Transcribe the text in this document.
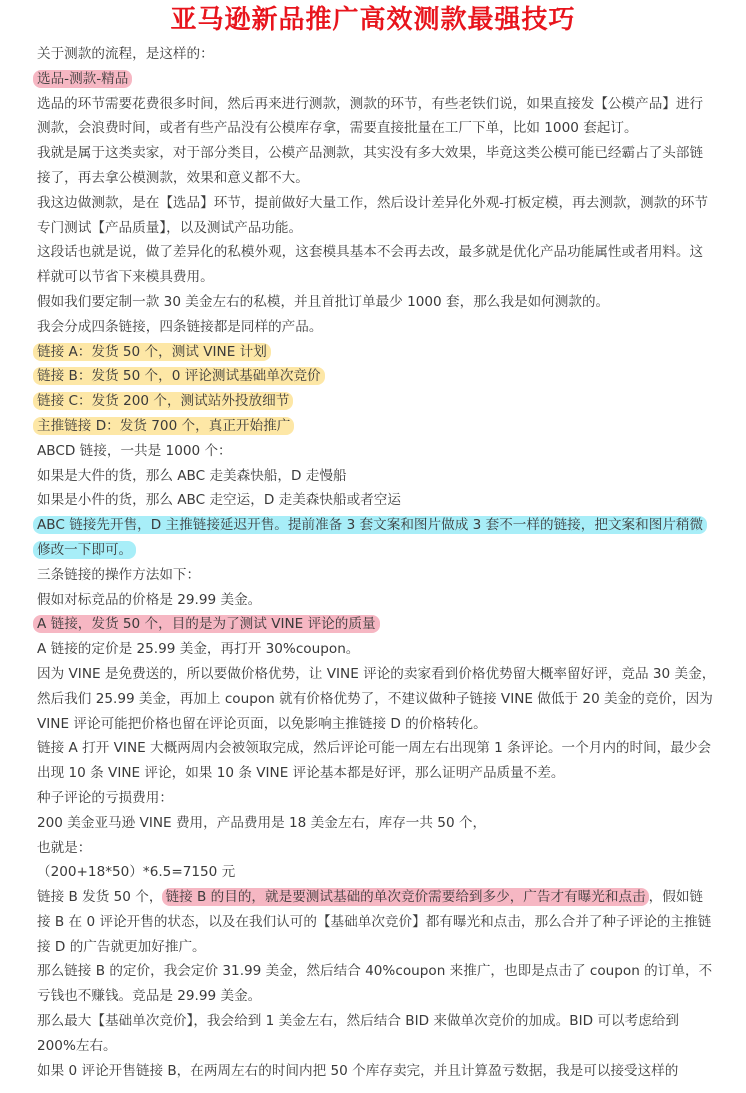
亚马逊新品推广高效测款最强技巧

关于测款的流程，是这样的：

选品-测款-精品

选品的环节需要花费很多时间，然后再来进行测款，测款的环节，有些老铁们说，如果直接发【公模产品】进行测款，会浪费时间，或者有些产品没有公模库存拿，需要直接批量在工厂下单，比如 1000 套起订。

我就是属于这类卖家，对于部分类目，公模产品测款，其实没有多大效果，毕竟这类公模可能已经霸占了头部链接了，再去拿公模测款，效果和意义都不大。

我这边做测款，是在【选品】环节，提前做好大量工作，然后设计差异化外观-打板定模，再去测款，测款的环节专门测试【产品质量】，以及测试产品功能。

这段话也就是说，做了差异化的私模外观，这套模具基本不会再去改，最多就是优化产品功能属性或者用料。这样就可以节省下来模具费用。

假如我们要定制一款 30 美金左右的私模，并且首批订单最少 1000 套，那么我是如何测款的。

我会分成四条链接，四条链接都是同样的产品。

链接 A：发货 50 个，测试 VINE 计划

链接 B：发货 50 个，0 评论测试基础单次竞价

链接 C：发货 200 个，测试站外投放细节

主推链接 D：发货 700 个，真正开始推广

ABCD 链接，一共是 1000 个：

如果是大件的货，那么 ABC 走美森快船，D 走慢船

如果是小件的货，那么 ABC 走空运，D 走美森快船或者空运

ABC 链接先开售，D 主推链接延迟开售。提前准备 3 套文案和图片做成 3 套不一样的链接，把文案和图片稍微修改一下即可。

三条链接的操作方法如下：

假如对标竞品的价格是 29.99 美金。

A 链接，发货 50 个，目的是为了测试 VINE 评论的质量

A 链接的定价是 25.99 美金，再打开 30%coupon。

因为 VINE 是免费送的，所以要做价格优势，让 VINE 评论的卖家看到价格优势留大概率留好评，竞品 30 美金，然后我们 25.99 美金，再加上 coupon 就有价格优势了，不建议做种子链接 VINE 做低于 20 美金的竞价，因为 VINE 评论可能把价格也留在评论页面，以免影响主推链接 D 的价格转化。

链接 A 打开 VINE 大概两周内会被领取完成，然后评论可能一周左右出现第 1 条评论。一个月内的时间，最少会出现 10 条 VINE 评论，如果 10 条 VINE 评论基本都是好评，那么证明产品质量不差。

种子评论的亏损费用：

200 美金亚马逊 VINE 费用，产品费用是 18 美金左右，库存一共 50 个，

也就是：

（200+18*50）*6.5=7150 元

链接 B 发货 50 个， 链接 B 的目的，就是要测试基础的单次竞价需要给到多少，广告才有曝光和点击 ，假如链接 B 在 0 评论开售的状态，以及在我们认可的【基础单次竞价】都有曝光和点击，那么合并了种子评论的主推链接 D 的广告就更加好推广。

那么链接 B 的定价，我会定价 31.99 美金，然后结合 40%coupon 来推广，也即是点击了 coupon 的订单，不亏钱也不赚钱。竞品是 29.99 美金。

那么最大【基础单次竞价】，我会给到 1 美金左右，然后结合 BID 来做单次竞价的加成。BID 可以考虑给到 200%左右。

如果 0 评论开售链接 B，在两周左右的时间内把 50 个库存卖完，并且计算盈亏数据，我是可以接受这样的
